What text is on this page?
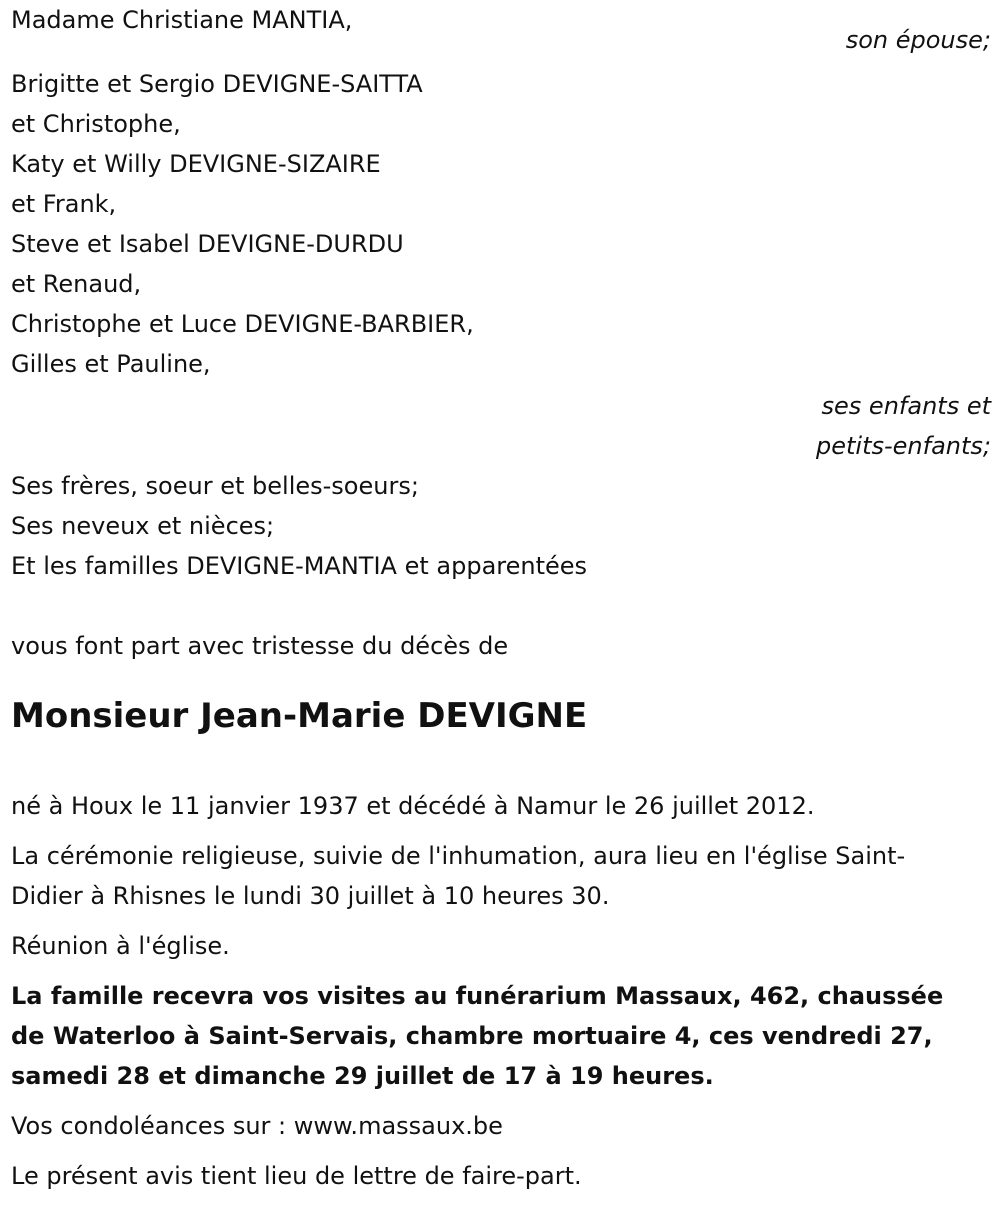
Madame Christiane MANTIA,
son épouse;
Brigitte et Sergio DEVIGNE-SAITTA
et Christophe,
Katy et Willy DEVIGNE-SIZAIRE
et Frank,
Steve et Isabel DEVIGNE-DURDU
et Renaud,
Christophe et Luce DEVIGNE-BARBIER,
Gilles et Pauline,
ses enfants et
petits-enfants;
Ses frères, soeur et belles-soeurs;
Ses neveux et nièces;
Et les familles DEVIGNE-MANTIA et apparentées
vous font part avec tristesse du décès de
Monsieur Jean-Marie DEVIGNE
né à Houx le 11 janvier 1937 et décédé à Namur le 26 juillet 2012.
La cérémonie religieuse, suivie de l'inhumation, aura lieu en l'église Saint-
Didier à Rhisnes le lundi 30 juillet à 10 heures 30.
Réunion à l'église.
La famille recevra vos visites au funérarium Massaux, 462, chaussée
de Waterloo à Saint-Servais, chambre mortuaire 4, ces vendredi 27,
samedi 28 et dimanche 29 juillet de 17 à 19 heures.
Vos condoléances sur : www.massaux.be
Le présent avis tient lieu de lettre de faire-part.
